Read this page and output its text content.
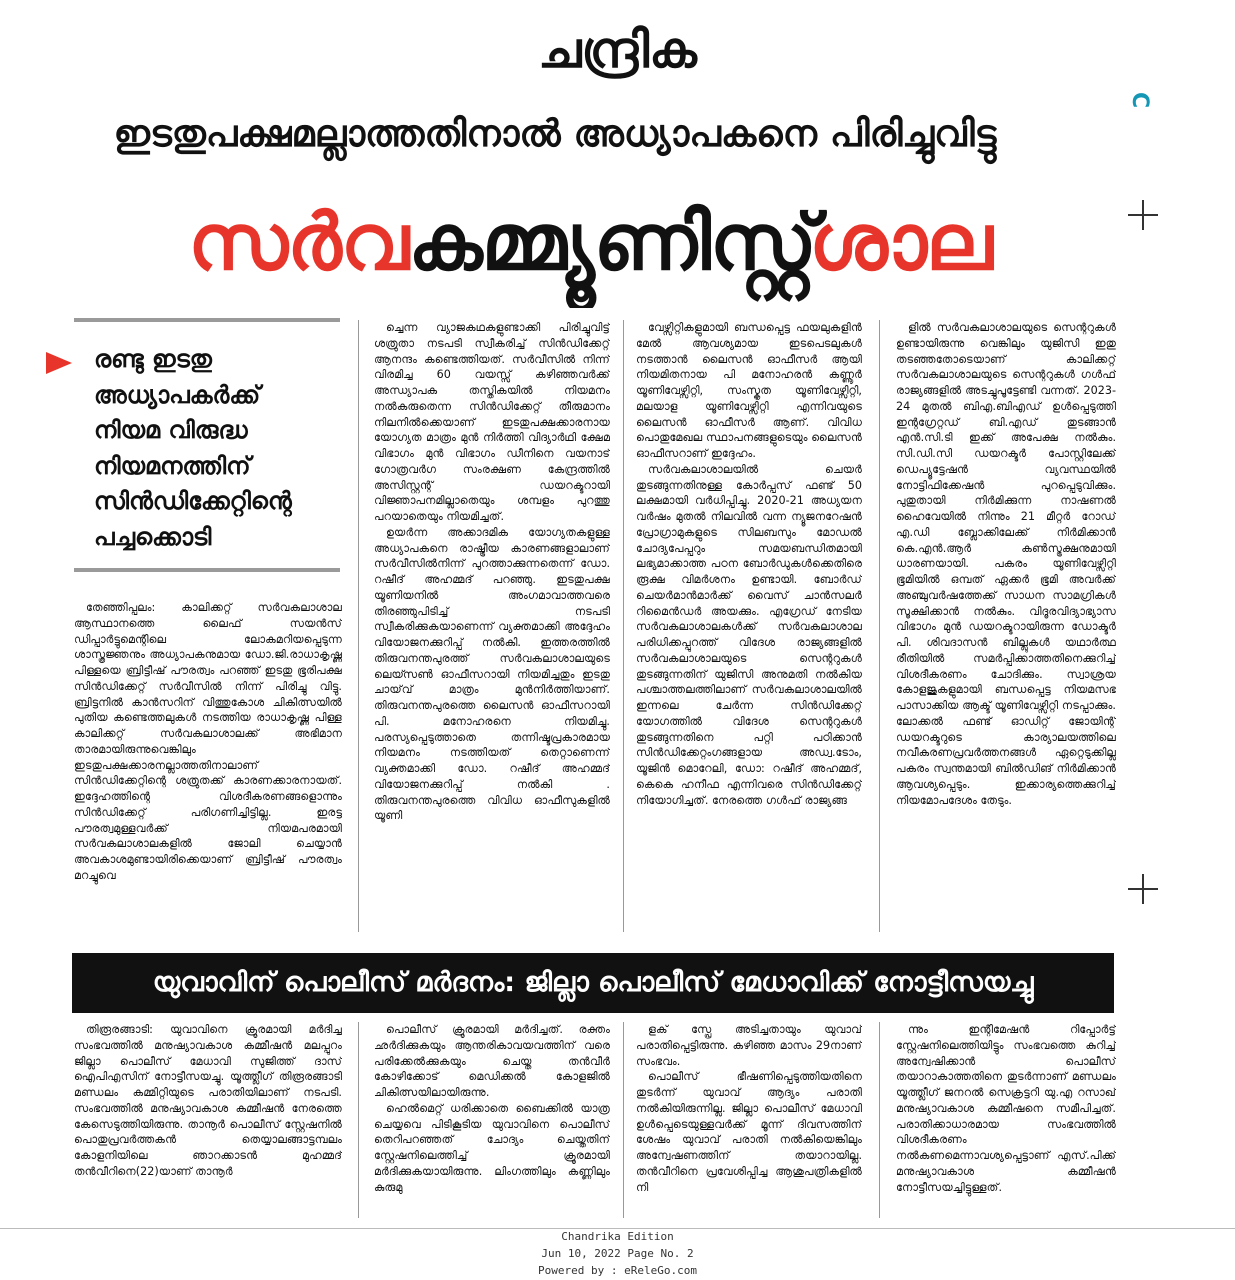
ചന്ദ്രിക
C
ഇടതുപക്ഷമല്ലാത്തതിനാൽ അധ്യാപകനെ പിരിച്ചുവിട്ടു
സർവകമ്മ്യൂണിസ്റ്റ്ശാല
രണ്ടു ഇടതു
അധ്യാപകർക്ക്
നിയമ വിരുദ്ധ
നിയമനത്തിന്
സിൻഡിക്കേറ്റിന്റെ
പച്ചക്കൊടി

തേഞ്ഞിപ്പലം: കാലിക്കറ്റ് സർവകലാശാല ആസ്ഥാനത്തെ ലൈഫ് സയൻസ് ഡിപ്പാർട്ടുമെന്റിലെ ലോകമറിയപ്പെടുന്ന ശാസ്ത്രജ്ഞനും അധ്യാപകനുമായ ഡോ.ജി.രാധാകൃഷ്ണ പിള്ളയെ ബ്രിട്ടീഷ് പൗരത്വം പറഞ്ഞ് ഇടതു ഭൂരിപക്ഷ സിൻഡിക്കേറ്റ് സർവീസിൽ നിന്ന് പിരിച്ചു വിട്ടു. ബ്രിട്ടനിൽ കാൻസറിന് വിത്തുകോശ ചികിത്സയിൽ പുതിയ കണ്ടെത്തലുകൾ നടത്തിയ രാധാകൃഷ്ണ പിള്ള കാലിക്കറ്റ് സർവകലാശാലക്ക് അഭിമാന താരമായിരുന്നുവെങ്കിലും ഇടതുപക്ഷക്കാരനല്ലാത്തതിനാലാണ് സിൻഡിക്കേറ്റിന്റെ ശത്രുതക്ക് കാരണക്കാരനായത്. ഇദ്ദേഹത്തിന്റെ വിശദീകരണങ്ങളൊന്നും സിൻഡിക്കേറ്റ് പരിഗണിച്ചിട്ടില്ല. ഇരട്ട പൗരത്വമുള്ളവർക്ക് നിയമപരമായി സർവകലാശാലകളിൽ ജോലി ചെയ്യാൻ അവകാശമുണ്ടായിരിക്കെയാണ് ബ്രിട്ടീഷ് പൗരത്വം മറച്ചുവെ

ച്ചെന്ന വ്യാജകഥകളുണ്ടാക്കി പിരിച്ചുവിട്ട് ശത്രുതാ നടപടി സ്വീകരിച്ച് സിൻഡിക്കേറ്റ് ആനന്ദം കണ്ടെത്തിയത്. സർവീസിൽ നിന്ന് വിരമിച്ച 60 വയസ്സ് കഴിഞ്ഞവർക്ക് അന്ധ്യാപക തസ്തികയിൽ നിയമനം നൽകരുതെന്ന സിൻഡിക്കേറ്റ് തീരുമാനം നിലനിൽക്കെയാണ് ഇടതുപക്ഷക്കാരനായ യോഗ്യത മാത്രം മുൻ നിർത്തി വിദ്യാർഥി ക്ഷേമ വിഭാഗം മുൻ വിഭാഗം ഡീനിനെ വയനാട് ഗോത്രവർഗ സംരക്ഷണ കേന്ദ്രത്തിൽ അസിസ്റ്റന്റ് ഡയറക്ടറായി വിജ്ഞാപനമില്ലാതെയും ശമ്പളം പുറത്തു പറയാതെയും നിയമിച്ചത്.

ഉയർന്ന അക്കാദമിക യോഗ്യതകളുള്ള അധ്യാപകനെ രാഷ്ട്രീയ കാരണങ്ങളാലാണ് സർവീസിൽനിന്ന് പുറത്താക്കുന്നതെന്ന് ഡോ. റഷീദ് അഹമ്മദ് പറഞ്ഞു. ഇടതുപക്ഷ യൂണിയനിൽ അംഗമാവാത്തവരെ തിരഞ്ഞുപിടിച്ച് നടപടി സ്വീകരിക്കുകയാണെന്ന് വ്യക്തമാക്കി അദ്ദേഹം വിയോജനക്കുറിപ്പ് നൽകി. ഇത്തരത്തിൽ തിരുവനന്തപുരത്ത് സർവകലാശാലയുടെ ലെയ്സൺ ഓഫീസറായി നിയമിച്ചതും ഇടതു ചായ്‌വ് മാത്രം മുൻനിർത്തിയാണ്. തിരുവനന്തപുരത്തെ ലൈസൻ ഓഫീസറായി പി. മനോഹരനെ നിയമിച്ചു. പരസ്യപ്പെടുത്താതെ തന്നിഷ്ടപ്രകാരമായ നിയമനം നടത്തിയത് തെറ്റാണെന്ന് വ്യക്തമാക്കി ഡോ. റഷീദ് അഹമ്മദ് വിയോജനക്കുറിപ്പ് നൽകി . തിരുവനന്തപുരത്തെ വിവിധ ഓഫീസുകളിൽ യൂണി

വേഴ്സിറ്റികളുമായി ബന്ധപ്പെട്ട ഫയലുകളിൻ മേൽ ആവശ്യമായ ഇടപെടലുകൾ നടത്താൻ ലൈസൻ ഓഫീസർ ആയി നിയമിതനായ പി മനോഹരൻ കണ്ണൂർ യൂണിവേഴ്സിറ്റി, സംസ്കൃത യൂണിവേഴ്സിറ്റി, മലയാള യൂണിവേഴ്സിറ്റി എന്നിവയുടെ ലൈസൻ ഓഫീസർ ആണ്. വിവിധ പൊതുമേഖല സ്ഥാപനങ്ങളുടെയും ലൈസൻ ഓഫീസറാണ് ഇദ്ദേഹം.

സർവകലാശാലയിൽ ചെയർ തുടങ്ങുന്നതിനുള്ള കോർപ്പസ് ഫണ്ട് 50 ലക്ഷമായി വർധിപ്പിച്ചു. 2020-21 അധ്യയന വർഷം മുതൽ നിലവിൽ വന്ന ന്യൂജനറേഷൻ പ്രോഗ്രാമുകളുടെ സിലബസും മോഡൽ ചോദ്യപേപ്പറും സമയബന്ധിതമായി ലഭ്യമാക്കാത്ത പഠന ബോർഡുകൾക്കെതിരെ രൂക്ഷ വിമർശനം ഉണ്ടായി. ബോർഡ് ചെയർമാൻമാർക്ക് വൈസ് ചാൻസലർ റിമൈൻഡർ അയക്കും. എഗ്രേഡ് നേടിയ സർവകലാശാലകൾക്ക് സർവകലാശാല പരിധിക്കപ്പുറത്ത് വിദേശ രാജ്യങ്ങളിൽ സർവകലാശാലയുടെ സെന്ററുകൾ തുടങ്ങുന്നതിന് യുജിസി അനുമതി നൽകിയ പശ്ചാത്തലത്തിലാണ് സർവകലാശാലയിൽ ഇന്നലെ ചേർന്ന സിൻഡിക്കേറ്റ് യോഗത്തിൽ വിദേശ സെന്ററുകൾ തുടങ്ങുന്നതിനെ പറ്റി പഠിക്കാൻ സിൻഡിക്കേറ്റംഗങ്ങളായ അഡ്വ.ടോം, യൂജിൻ മൊറേലി, ഡോ: റഷീദ് അഹമ്മദ്, കെകെ ഹനീഫ എന്നിവരെ സിൻഡിക്കേറ്റ് നിയോഗിച്ചത്. നേരത്തെ ഗൾഫ് രാജ്യങ്ങ

ളിൽ സർവകലാശാലയുടെ സെന്ററുകൾ ഉണ്ടായിരുന്നു വെങ്കിലും യുജിസി ഇതു തടഞ്ഞതോടെയാണ് കാലിക്കറ്റ് സർവകലാശാലയുടെ സെന്ററുകൾ ഗൾഫ് രാജ്യങ്ങളിൽ അടച്ചുപൂട്ടേണ്ടി വന്നത്. 2023-24 മുതൽ ബിഎ.ബിഎഡ് ഉൾപ്പെടുത്തി ഇന്റഗ്രേറ്റഡ് ബി.എഡ് തുടങ്ങാൻ എൻ.സി.ടി ഇക്ക് അപേക്ഷ നൽകും. സി.ഡി.സി ഡയറക്ടർ പോസ്റ്റിലേക്ക് ഡെപ്യൂട്ടേഷൻ വ്യവസ്ഥയിൽ നോട്ടിഫിക്കേഷൻ പുറപ്പെടുവിക്കും. പുതുതായി നിർമിക്കുന്ന നാഷണൽ ഹൈവേയിൽ നിന്നും 21 മീറ്റർ റോഡ് എ.ഡി ബ്ലോക്കിലേക്ക് നിർമിക്കാൻ കെ.എൻ.ആർ കൺസ്ട്രക്ഷനുമായി ധാരണയായി. പകരം യൂണിവേഴ്സിറ്റി ഭൂമിയിൽ ഒമ്പത് ഏക്കർ ഭൂമി അവർക്ക് അഞ്ചുവർഷത്തേക്ക് സാധന സാമഗ്രികൾ സൂക്ഷിക്കാൻ നൽകും. വിദൂരവിദ്യാഭ്യാസ വിഭാഗം മുൻ ഡയറക്ടറായിരുന്ന ഡോക്ടർ പി. ശിവദാസൻ ബില്ലുകൾ യഥാർത്ഥ രീതിയിൽ സമർപ്പിക്കാത്തതിനെക്കുറിച്ച് വിശദീകരണം ചോദിക്കും. സ്വാശ്രയ കോളജുകളുമായി ബന്ധപ്പെട്ട നിയമസഭ പാസാക്കിയ ആക്ട് യൂണിവേഴ്സിറ്റി നടപ്പാക്കും. ലോക്കൽ ഫണ്ട് ഓഡിറ്റ് ജോയിന്റ് ഡയറക്ടറുടെ കാര്യാലയത്തിലെ നവീകരണപ്രവർത്തനങ്ങൾ ഏറ്റെടുക്കില്ല പകരം സ്വന്തമായി ബിൽഡിങ് നിർമിക്കാൻ ആവശ്യപ്പെടും. ഇക്കാര്യത്തെക്കുറിച്ച് നിയമോപദേശം തേടും.

യുവാവിന് പൊലീസ് മർദനം: ജില്ലാ പൊലീസ് മേധാവിക്ക് നോട്ടീസയച്ചു

തിരൂരങ്ങാടി: യുവാവിനെ ക്രൂരമായി മർദിച്ച സംഭവത്തിൽ മനുഷ്യാവകാശ കമ്മീഷൻ മലപ്പുറം ജില്ലാ പൊലീസ് മേധാവി സുജിത്ത് ദാസ് ഐപിഎസിന് നോട്ടീസയച്ചു. യൂത്ത്ലീഗ് തിരൂരങ്ങാടി മണ്ഡലം കമ്മിറ്റിയുടെ പരാതിയിലാണ് നടപടി. സംഭവത്തിൽ മനുഷ്യാവകാശ കമ്മീഷൻ നേരത്തെ കേസെടുത്തിയിരുന്നു. താനൂർ പൊലീസ് സ്റ്റേഷനിൽ പൊതുപ്രവർത്തകൻ തെയ്യാലങ്ങാട്ടമ്പലം കോളനിയിലെ ഞാറക്കാടൻ മുഹമ്മദ് തൻവീറിനെ(22)യാണ് താനൂർ

പൊലീസ് ക്രൂരമായി മർദിച്ചത്. രക്തം ഛർദിക്കുകയും ആന്തരികാവയവത്തിന് വരെ പരിക്കേൽക്കുകയും ചെയ്ത തൻവീർ കോഴിക്കോട് മെഡിക്കൽ കോളജിൽ ചികിത്സയിലായിരുന്നു.

ഹെൽമെറ്റ് ധരിക്കാതെ ബൈക്കിൽ യാത്ര ചെയ്യവെ പിടികൂടിയ യുവാവിനെ പൊലീസ് തെറിപറഞ്ഞത് ചോദ്യം ചെയ്തതിന് സ്റ്റേഷനിലെത്തിച്ച് ക്രൂരമായി മർദിക്കുകയായിരുന്നു. ലിംഗത്തിലും കണ്ണിലും കുരുമു

ളക് സ്പ്രേ അടിച്ചതായും യുവാവ് പരാതിപ്പെട്ടിരുന്നു. കഴിഞ്ഞ മാസം 29നാണ് സംഭവം.

പൊലീസ് ഭീഷണിപ്പെടുത്തിയതിനെ തുടർന്ന് യുവാവ് ആദ്യം പരാതി നൽകിയിരുന്നില്ല. ജില്ലാ പൊലീസ് മേധാവി ഉൾപ്പെടെയുള്ളവർക്ക് മൂന്ന് ദിവസത്തിന് ശേഷം യുവാവ് പരാതി നൽകിയെങ്കിലും അന്വേഷണത്തിന് തയാറായില്ല. തൻവീറിനെ പ്രവേശിപ്പിച്ച ആശുപത്രികളിൽ നി

ന്നും ഇന്റിമേഷൻ റിപ്പോർട്ട് സ്റ്റേഷനിലെത്തിയിട്ടും സംഭവത്തെ കുറിച്ച് അന്വേഷിക്കാൻ പൊലീസ് തയാറാകാത്തതിനെ തുടർന്നാണ് മണ്ഡലം യൂത്ത്ലീഗ് ജനറൽ സെക്രട്ടറി യു.എ റസാഖ് മനുഷ്യാവകാശ കമ്മീഷനെ സമീപിച്ചത്. പരാതിക്കാധാരമായ സംഭവത്തിൽ വിശദീകരണം നൽകണമെന്നാവശ്യപ്പെട്ടാണ് എസ്.പിക്ക് മനുഷ്യാവകാശ കമ്മീഷൻ നോട്ടീസയച്ചിട്ടുള്ളത്.

Chandrika Edition
Jun 10, 2022 Page No. 2
Powered by : eReleGo.com
